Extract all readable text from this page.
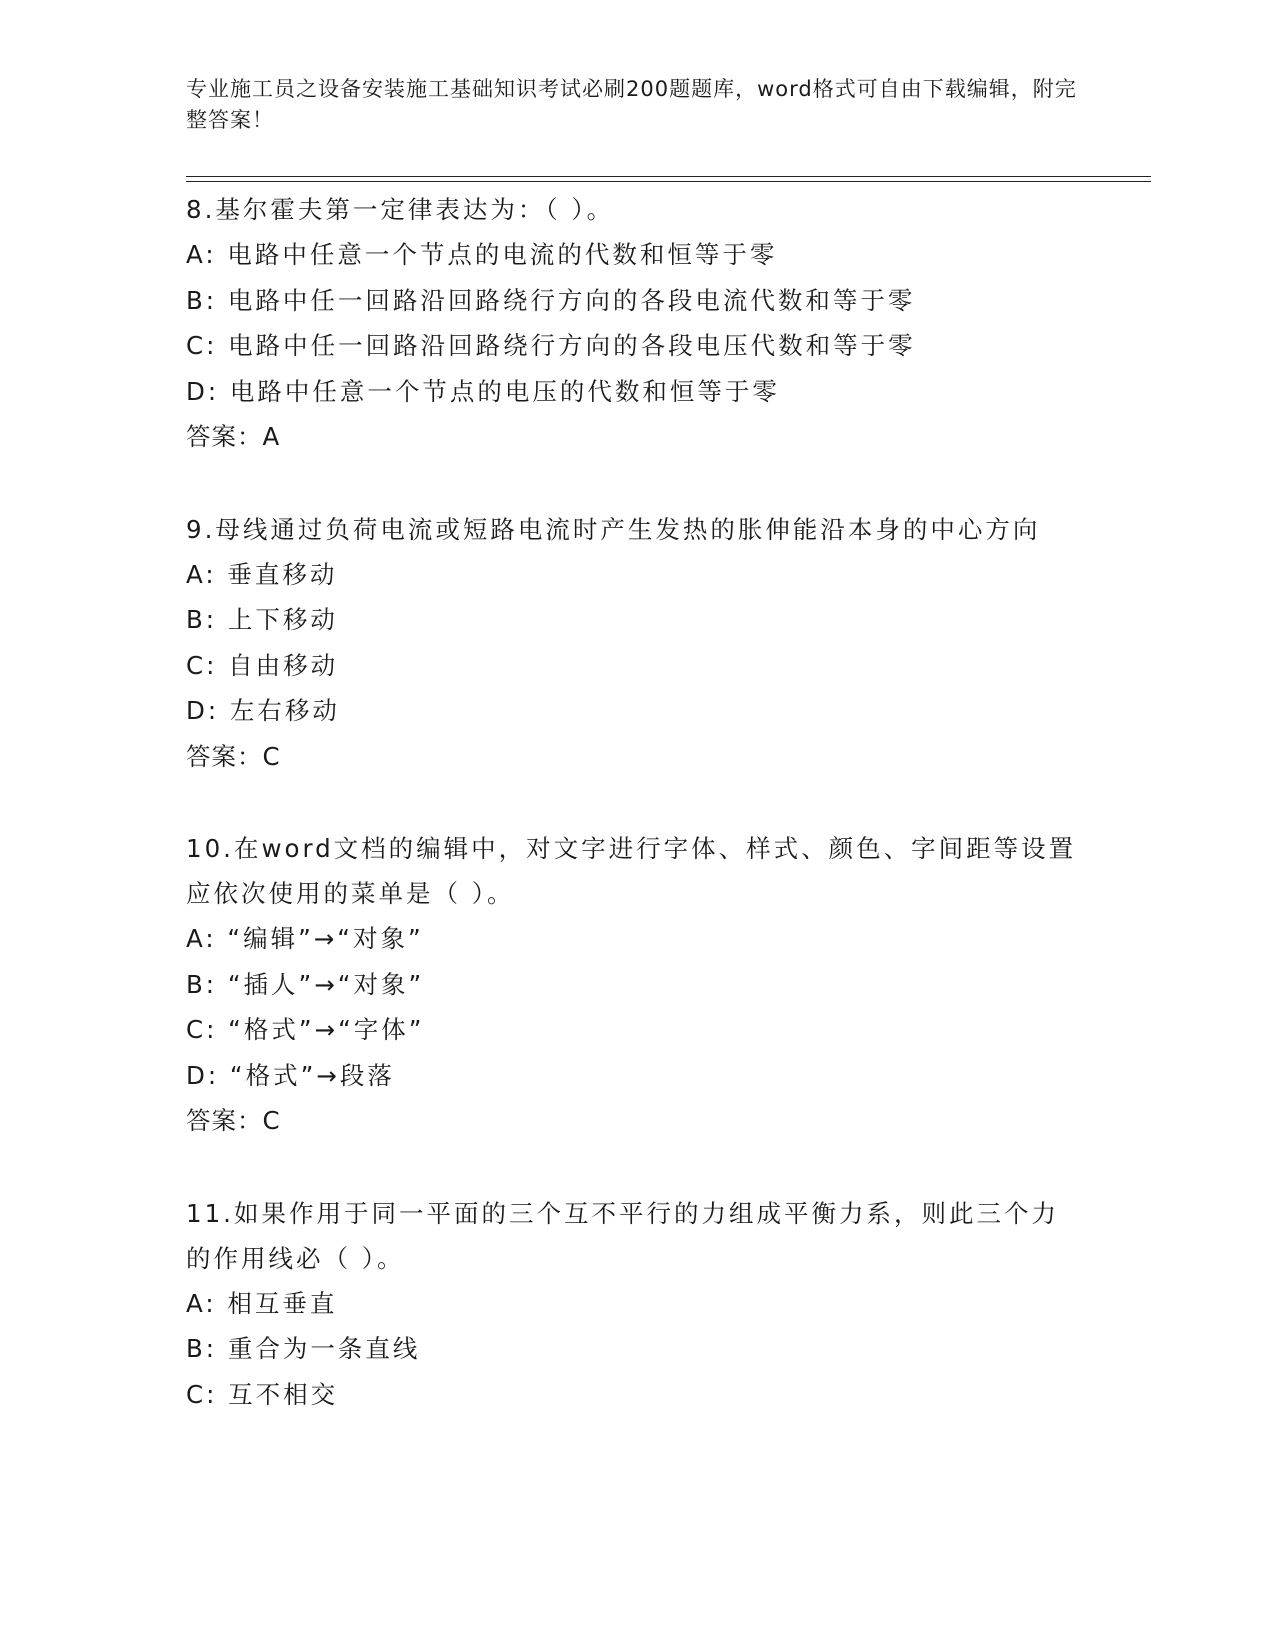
专业施工员之设备安装施工基础知识考试必刷200题题库，word格式可自由下载编辑，附完整答案！
8.基尔霍夫第一定律表达为：（ ）。
A: 电路中任意一个节点的电流的代数和恒等于零
B: 电路中任一回路沿回路绕行方向的各段电流代数和等于零
C: 电路中任一回路沿回路绕行方向的各段电压代数和等于零
D: 电路中任意一个节点的电压的代数和恒等于零
答案：A
9.母线通过负荷电流或短路电流时产生发热的胀伸能沿本身的中心方向
A: 垂直移动
B: 上下移动
C: 自由移动
D: 左右移动
答案：C
10.在word文档的编辑中，对文字进行字体、样式、颜色、字间距等设置应依次使用的菜单是（ ）。
A: “编辑”→“对象”
B: “插人”→“对象”
C: “格式”→“字体”
D: “格式”→段落
答案：C
11.如果作用于同一平面的三个互不平行的力组成平衡力系，则此三个力的作用线必（ ）。
A: 相互垂直
B: 重合为一条直线
C: 互不相交
